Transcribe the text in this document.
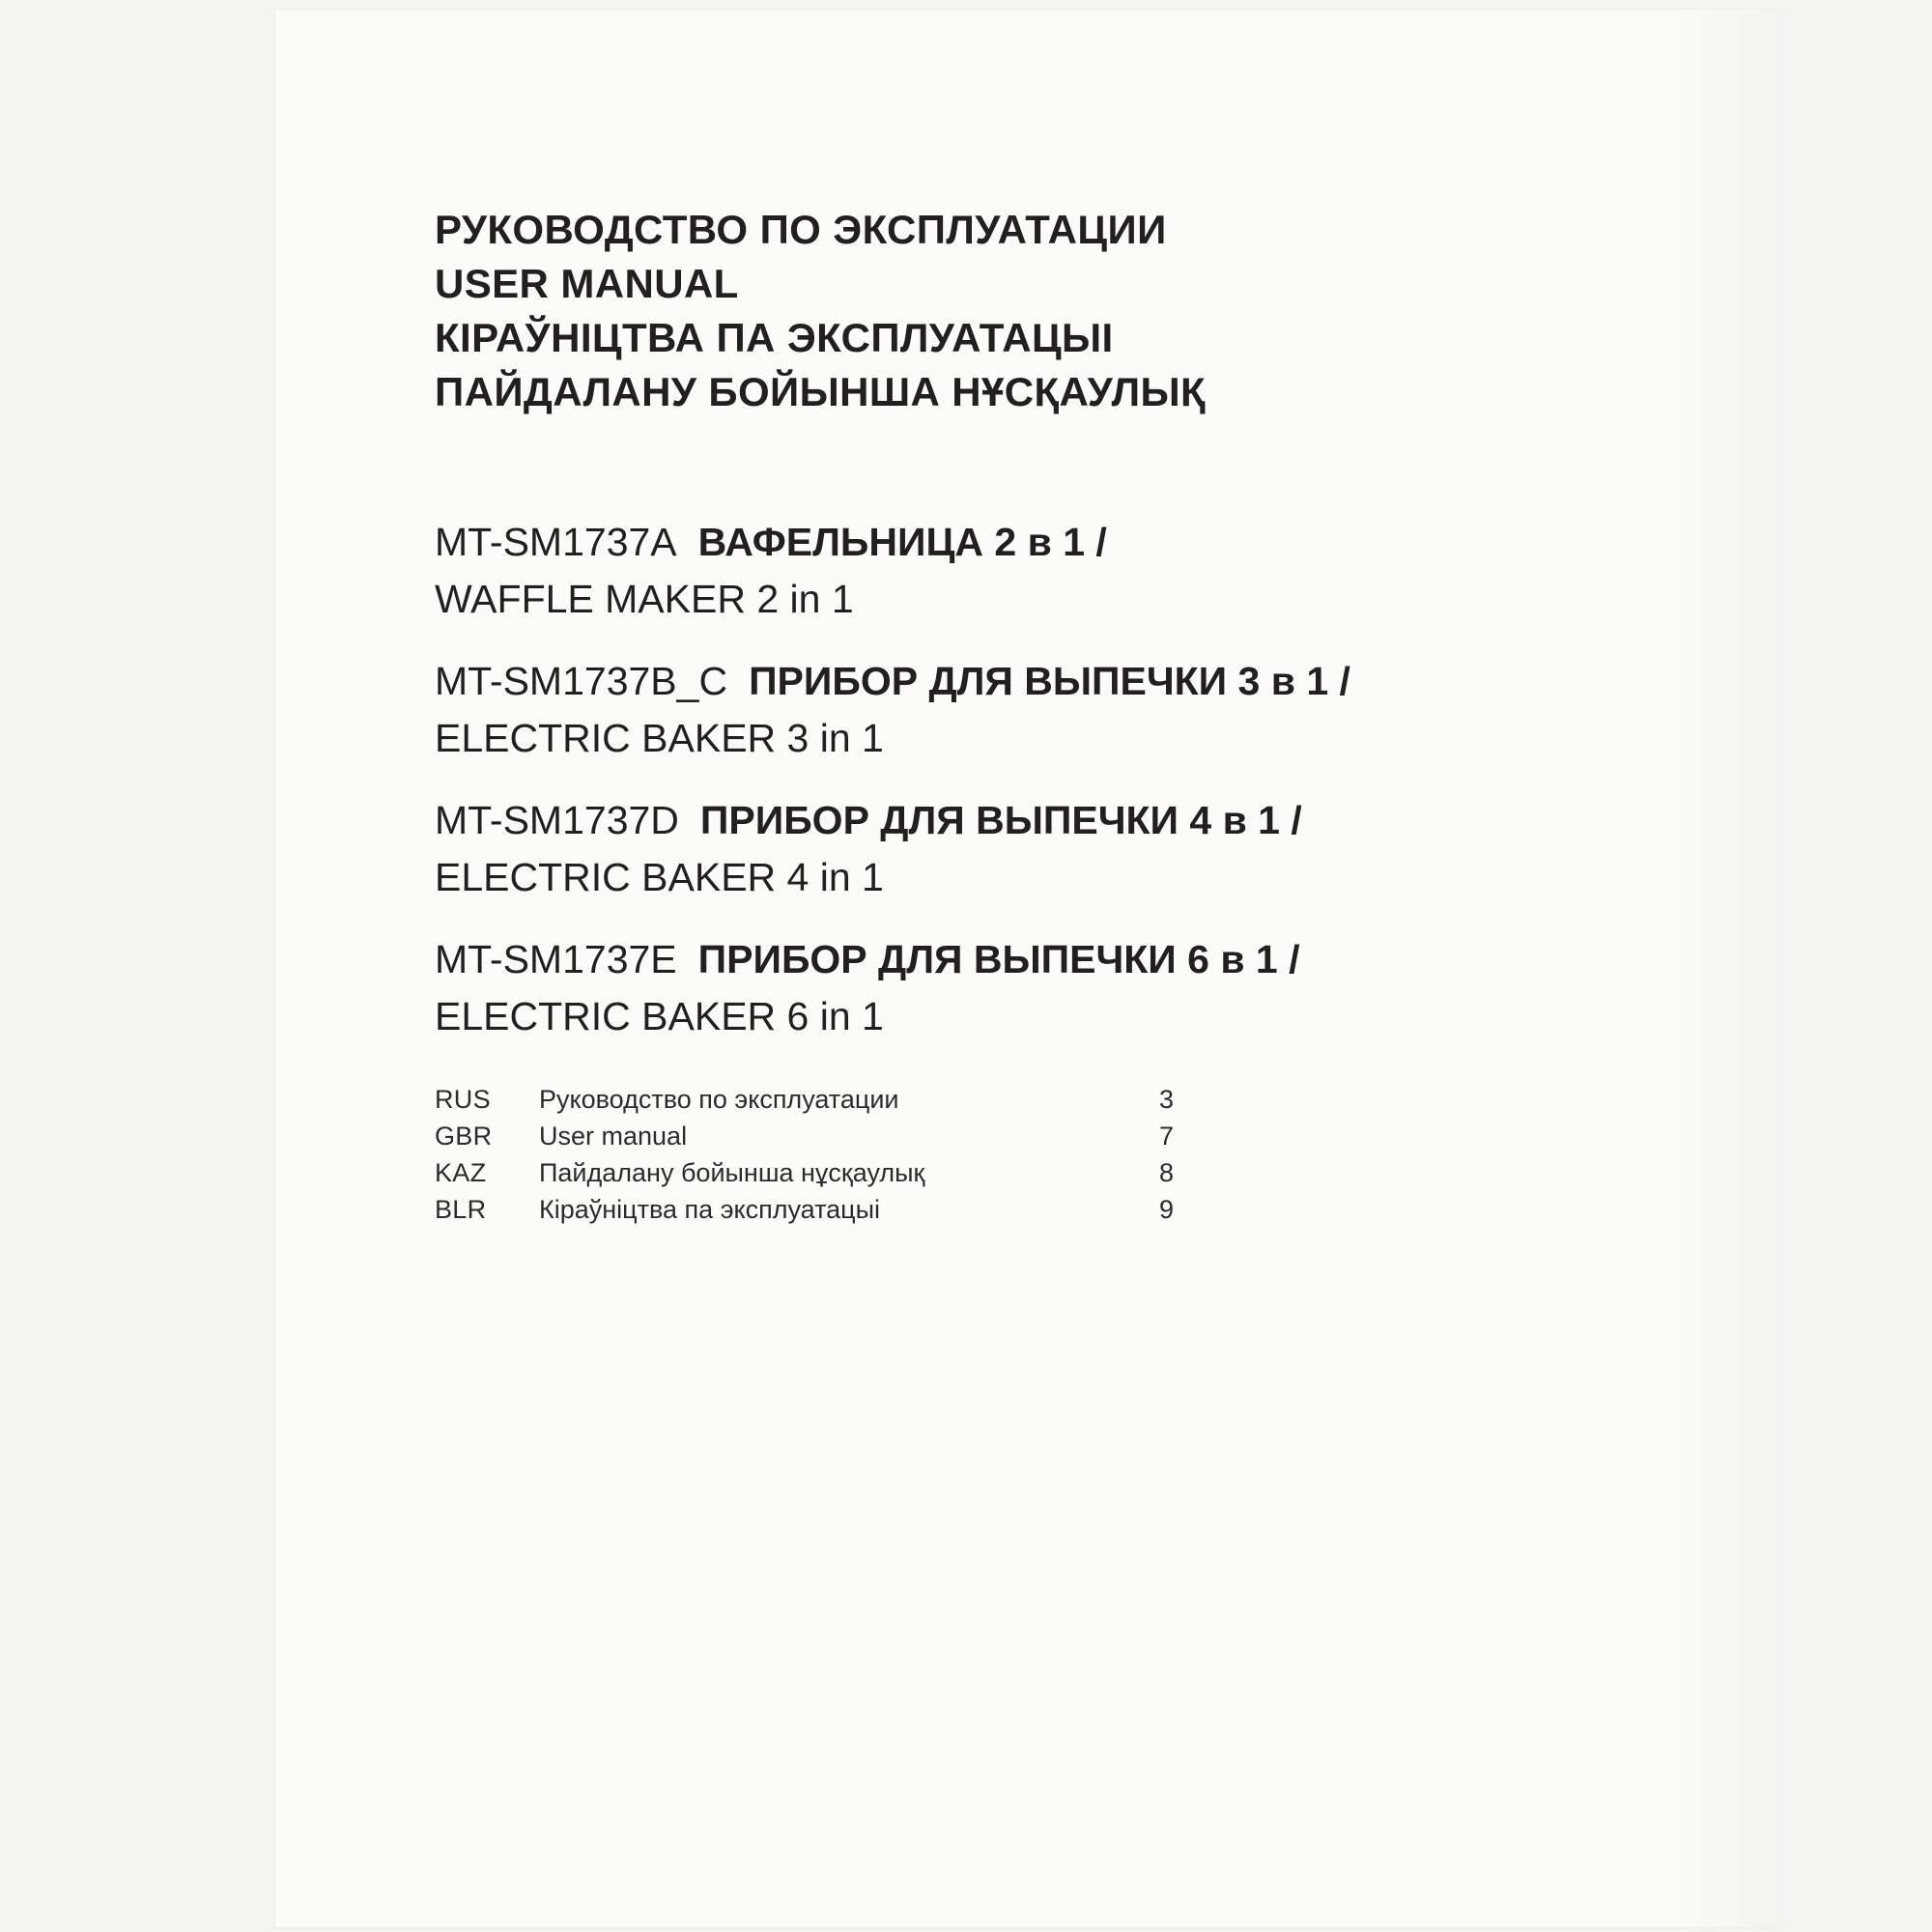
РУКОВОДСТВО ПО ЭКСПЛУАТАЦИИ
USER MANUAL
КІРАЎНІЦТВА ПА ЭКСПЛУАТАЦЫІ
ПАЙДАЛАНУ БОЙЫНША НҰСҚАУЛЫҚ
MT-SM1737A ВАФЕЛЬНИЦА 2 в 1 /
WAFFLE MAKER 2 in 1
MT-SM1737B_C ПРИБОР ДЛЯ ВЫПЕЧКИ 3 в 1 /
ELECTRIC BAKER 3 in 1
MT-SM1737D ПРИБОР ДЛЯ ВЫПЕЧКИ 4 в 1 /
ELECTRIC BAKER 4 in 1
MT-SM1737E ПРИБОР ДЛЯ ВЫПЕЧКИ 6 в 1 /
ELECTRIC BAKER 6 in 1
RUS	Руководство по эксплуатации	3
GBR	User manual	7
KAZ	Пайдалану бойынша нұсқаулық	8
BLR	Кіраўніцтва па эксплуатацыі	9
